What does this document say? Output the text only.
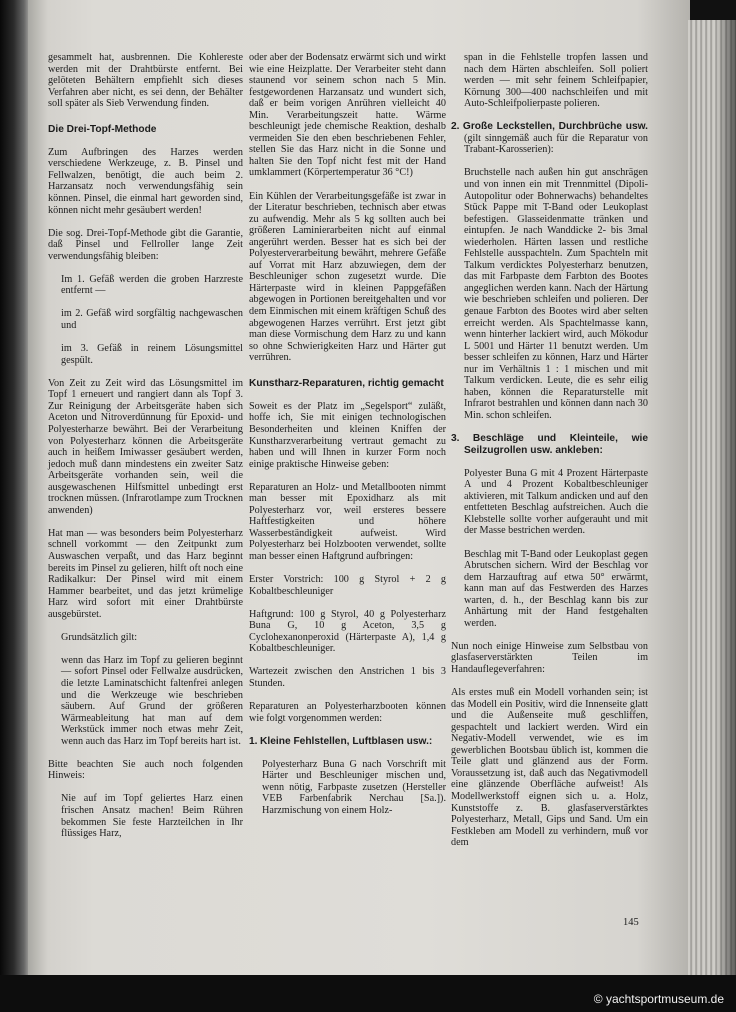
gesammelt hat, ausbrennen. Die Kohlereste werden mit der Drahtbürste entfernt. Bei gelöteten Behältern empfiehlt sich dieses Verfahren aber nicht, es sei denn, der Behälter soll später als Sieb Verwendung finden.

Die Drei-Topf-Methode

Zum Aufbringen des Harzes werden verschiedene Werkzeuge, z. B. Pinsel und Fellwalzen, benötigt, die auch beim 2. Harzansatz noch verwendungsfähig sein können. Pinsel, die einmal hart geworden sind, können nicht mehr gesäubert werden!

Die sog. Drei-Topf-Methode gibt die Garantie, daß Pinsel und Fellroller lange Zeit verwendungsfähig bleiben:

Im 1. Gefäß werden die groben Harzreste entfernt —

im 2. Gefäß wird sorgfältig nachgewaschen und

im 3. Gefäß in reinem Lösungsmittel gespült.

Von Zeit zu Zeit wird das Lösungsmittel im Topf 1 erneuert und rangiert dann als Topf 3. Zur Reinigung der Arbeitsgeräte haben sich Aceton und Nitroverdünnung für Epoxid- und Polyesterharze bewährt. Bei der Verarbeitung von Polyesterharz können die Arbeitsgeräte auch in heißem Imiwasser gesäubert werden, jedoch muß dann mindestens ein zweiter Satz Arbeitsgeräte vorhanden sein, weil die ausgewaschenen Hilfsmittel unbedingt erst trocknen müssen. (Infrarotlampe zum Trocknen anwenden)

Hat man — was besonders beim Polyesterharz schnell vorkommt — den Zeitpunkt zum Auswaschen verpaßt, und das Harz beginnt bereits im Pinsel zu gelieren, hilft oft noch eine Radikalkur: Der Pinsel wird mit einem Hammer bearbeitet, und das jetzt krümelige Harz wird sofort mit einer Drahtbürste ausgebürstet.

Grundsätzlich gilt:

wenn das Harz im Topf zu gelieren beginnt — sofort Pinsel oder Fellwalze ausdrücken, die letzte Laminatschicht faltenfrei anlegen und die Werkzeuge wie beschrieben säubern. Auf Grund der größeren Wärmeableitung hat man auf dem Werkstück immer noch etwas mehr Zeit, wenn auch das Harz im Topf bereits hart ist.

Bitte beachten Sie auch noch folgenden Hinweis:

Nie auf im Topf geliertes Harz einen frischen Ansatz machen! Beim Rühren bekommen Sie feste Harzteilchen in Ihr flüssiges Harz,

oder aber der Bodensatz erwärmt sich und wirkt wie eine Heizplatte. Der Verarbeiter steht dann staunend vor seinem schon nach 5 Min. festgewordenen Harzansatz und wundert sich, daß er beim vorigen Anrühren vielleicht 40 Min. Verarbeitungszeit hatte. Wärme beschleunigt jede chemische Reaktion, deshalb vermeiden Sie den eben beschriebenen Fehler, stellen Sie das Harz nicht in die Sonne und halten Sie den Topf nicht fest mit der Hand umklammert (Körpertemperatur 36 °C!)

Ein Kühlen der Verarbeitungsgefäße ist zwar in der Literatur beschrieben, technisch aber etwas zu aufwendig. Mehr als 5 kg sollten auch bei größeren Laminierarbeiten nicht auf einmal angerührt werden. Besser hat es sich bei der Polyesterverarbeitung bewährt, mehrere Gefäße auf Vorrat mit Harz abzuwiegen, dem der Beschleuniger schon zugesetzt wurde. Die Härterpaste wird in kleinen Pappgefäßen abgewogen in Portionen bereitgehalten und vor dem Einmischen mit einem kräftigen Schuß des abgewogenen Harzes verrührt. Erst jetzt gibt man diese Vormischung dem Harz zu und kann so ohne Schwierigkeiten Harz und Härter gut verrühren.

Kunstharz-Reparaturen, richtig gemacht

Soweit es der Platz im „Segelsport“ zuläßt, hoffe ich, Sie mit einigen technologischen Besonderheiten und kleinen Kniffen der Kunstharzverarbeitung vertraut gemacht zu haben und will Ihnen in kurzer Form noch einige praktische Hinweise geben:

Reparaturen an Holz- und Metallbooten nimmt man besser mit Epoxidharz als mit Polyesterharz vor, weil ersteres bessere Haftfestigkeiten und höhere Wasserbeständigkeit aufweist. Wird Polyesterharz bei Holzbooten verwendet, sollte man besser einen Haftgrund aufbringen:

Erster Vorstrich: 100 g Styrol + 2 g Kobaltbeschleuniger

Haftgrund: 100 g Styrol, 40 g Polyesterharz Buna G, 10 g Aceton, 3,5 g Cyclohexanonperoxid (Härterpaste A), 1,4 g Kobaltbeschleuniger.

Wartezeit zwischen den Anstrichen 1 bis 3 Stunden.

Reparaturen an Polyesterharzbooten können wie folgt vorgenommen werden:

1. Kleine Fehlstellen, Luftblasen usw.:

Polyesterharz Buna G nach Vorschrift mit Härter und Beschleuniger mischen und, wenn nötig, Farbpaste zusetzen (Hersteller VEB Farbenfabrik Nerchau [Sa.]). Harzmischung von einem Holz-

span in die Fehlstelle tropfen lassen und nach dem Härten abschleifen. Soll poliert werden — mit sehr feinem Schleifpapier, Körnung 300—400 nachschleifen und mit Auto-Schleifpolierpaste polieren.

2. Große Leckstellen, Durchbrüche usw. (gilt sinngemäß auch für die Reparatur von Trabant-Karosserien):

Bruchstelle nach außen hin gut anschrägen und von innen ein mit Trennmittel (Dipoli-Autopolitur oder Bohnerwachs) behandeltes Stück Pappe mit T-Band oder Leukoplast befestigen. Glasseidenmatte tränken und eintupfen. Je nach Wanddicke 2- bis 3mal wiederholen. Härten lassen und restliche Fehlstelle ausspachteln. Zum Spachteln mit Talkum verdicktes Polyesterharz benutzen, das mit Farbpaste dem Farbton des Bootes angeglichen werden kann. Nach der Härtung wie beschrieben schleifen und polieren. Der genaue Farbton des Bootes wird aber selten erreicht werden. Als Spachtelmasse kann, wenn hinterher lackiert wird, auch Mökodur L 5001 und Härter 11 benutzt werden. Um besser schleifen zu können, Harz und Härter nur im Verhältnis 1 : 1 mischen und mit Talkum verdicken. Leute, die es sehr eilig haben, können die Reparaturstelle mit Infrarot bestrahlen und können dann nach 30 Min. schon schleifen.

3. Beschläge und Kleinteile, wie Seilzugrollen usw. ankleben:

Polyester Buna G mit 4 Prozent Härterpaste A und 4 Prozent Kobaltbeschleuniger aktivieren, mit Talkum andicken und auf den entfetteten Beschlag aufstreichen. Auch die Klebstelle sollte vorher aufgerauht und mit der Masse bestrichen werden.

Beschlag mit T-Band oder Leukoplast gegen Abrutschen sichern. Wird der Beschlag vor dem Harzauftrag auf etwa 50° erwärmt, kann man auf das Festwerden des Harzes warten, d. h., der Beschlag kann bis zur Anhärtung mit der Hand festgehalten werden.

Nun noch einige Hinweise zum Selbstbau von glasfaserverstärkten Teilen im Handauflegeverfahren:

Als erstes muß ein Modell vorhanden sein; ist das Modell ein Positiv, wird die Innenseite glatt und die Außenseite muß geschliffen, gespachtelt und lackiert werden. Wird ein Negativ-Modell verwendet, wie es im gewerblichen Bootsbau üblich ist, kommen die Teile glatt und glänzend aus der Form. Voraussetzung ist, daß auch das Negativmodell eine glänzende Oberfläche aufweist! Als Modellwerkstoff eignen sich u. a. Holz, Kunststoffe z. B. glasfaserverstärktes Polyesterharz, Metall, Gips und Sand. Um ein Festkleben am Modell zu verhindern, muß vor dem

145
© yachtsportmuseum.de
